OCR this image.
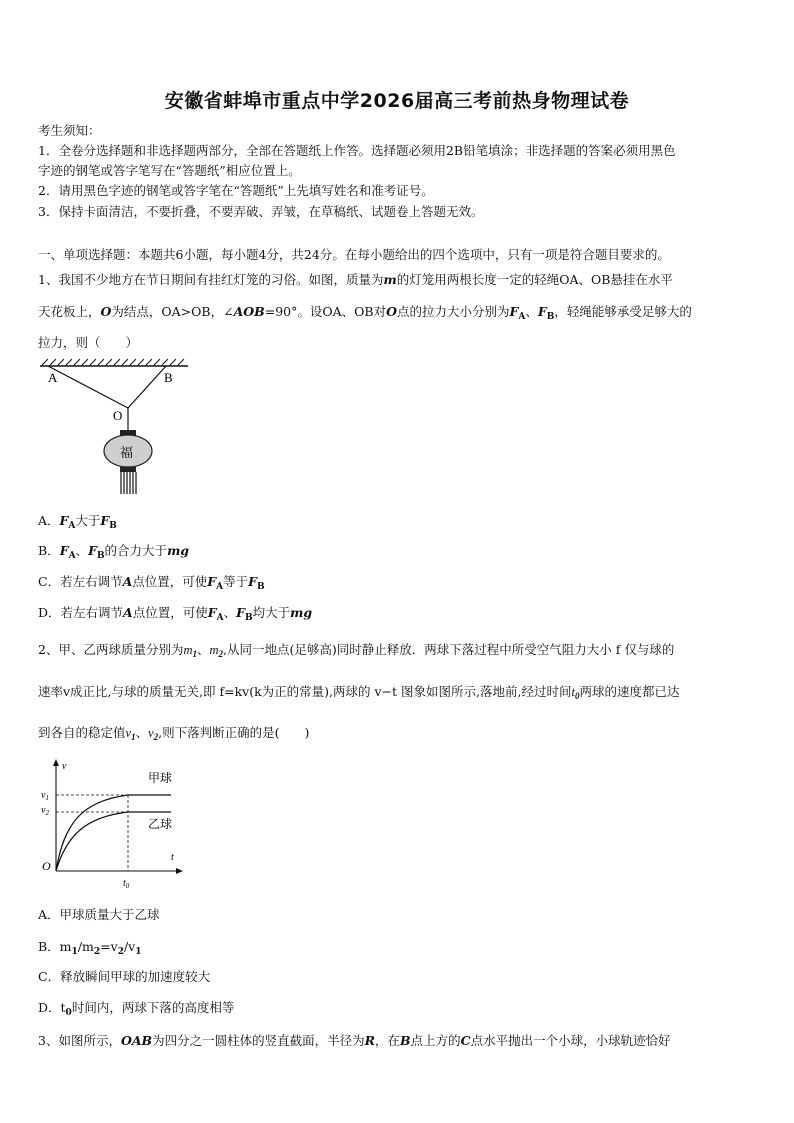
安徽省蚌埠市重点中学2026届高三考前热身物理试卷
考生须知：
1．全卷分选择题和非选择题两部分，全部在答题纸上作答。选择题必须用2B铅笔填涂；非选择题的答案必须用黑色
字迹的钢笔或答字笔写在“答题纸”相应位置上。
2．请用黑色字迹的钢笔或答字笔在“答题纸”上先填写姓名和准考证号。
3．保持卡面清洁，不要折叠，不要弄破、弄皱，在草稿纸、试题卷上答题无效。
一、单项选择题：本题共6小题，每小题4分，共24分。在每小题给出的四个选项中，只有一项是符合题目要求的。
1、我国不少地方在节日期间有挂红灯笼的习俗。如图，质量为m的灯笼用两根长度一定的轻绳OA、OB悬挂在水平
天花板上，O为结点，OA>OB，∠AOB=90°。设OA、OB对O点的拉力大小分别为$F_A$、$F_B$，轻绳能够承受足够大的
拉力，则（　　）
A	B
O
福
A．$F_A$大于$F_B$
B．$F_A$、$F_B$的合力大于mg
C．若左右调节A点位置，可使$F_A$等于$F_B$
D．若左右调节A点位置，可使$F_A$、$F_B$均大于mg
2、甲、乙两球质量分别为$m_1$、$m_2$,从同一地点(足够高)同时静止释放．两球下落过程中所受空气阻力大小 f 仅与球的
速率v成正比,与球的质量无关,即 f=kv(k为正的常量),两球的 v−t 图象如图所示,落地前,经过时间$t_0$两球的速度都已达
到各自的稳定值$v_1$、$v_2$,则下落判断正确的是(　　)
v
t
O
$v_1$
$v_2$
$t_0$
甲球
乙球
A．甲球质量大于乙球
B．$m_1/m_2=v_2/v_1$
C．释放瞬间甲球的加速度较大
D．$t_0$时间内，两球下落的高度相等
3、如图所示，OAB为四分之一圆柱体的竖直截面，半径为R，在B点上方的C点水平抛出一个小球，小球轨迹恰好
